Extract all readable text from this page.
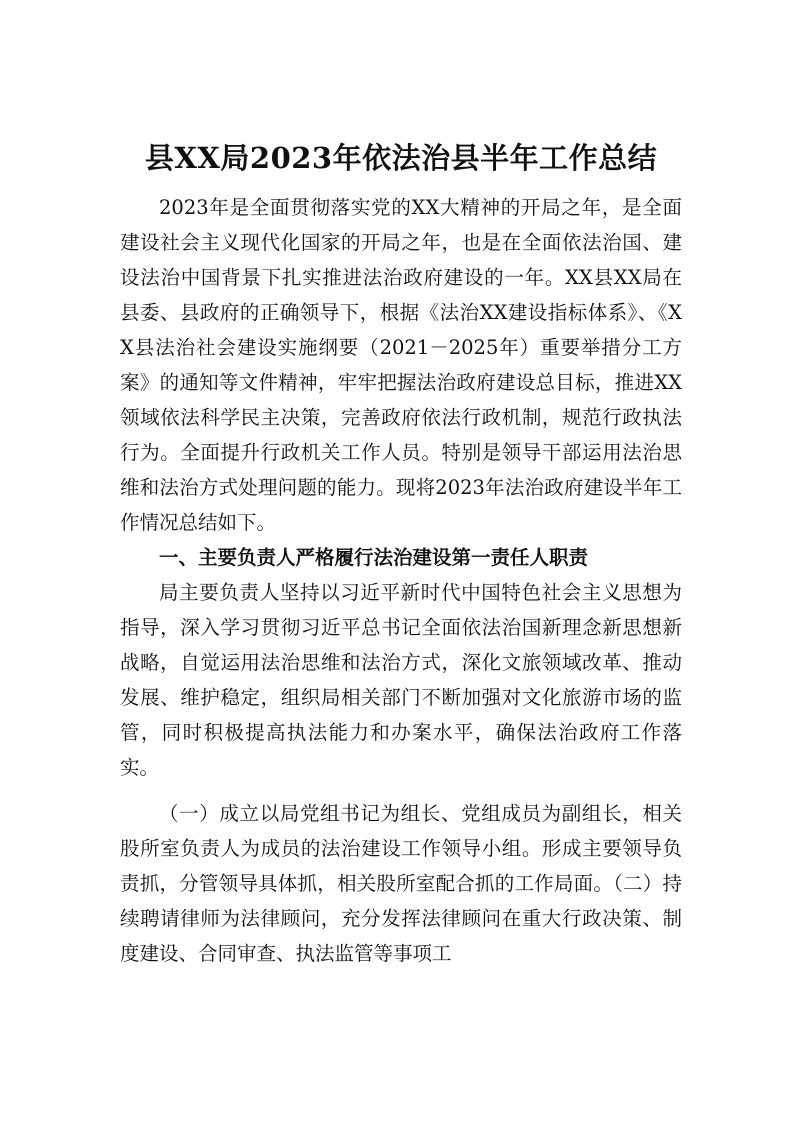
县XX局2023年依法治县半年工作总结

2023年是全面贯彻落实党的XX大精神的开局之年，是全面建设社会主义现代化国家的开局之年，也是在全面依法治国、建设法治中国背景下扎实推进法治政府建设的一年。XX县XX局在县委、县政府的正确领导下，根据《法治XX建设指标体系》、《XX县法治社会建设实施纲要（2021－2025年）重要举措分工方案》的通知等文件精神，牢牢把握法治政府建设总目标，推进XX领域依法科学民主决策，完善政府依法行政机制，规范行政执法行为。全面提升行政机关工作人员。特别是领导干部运用法治思维和法治方式处理问题的能力。现将2023年法治政府建设半年工作情况总结如下。

一、主要负责人严格履行法治建设第一责任人职责

局主要负责人坚持以习近平新时代中国特色社会主义思想为指导，深入学习贯彻习近平总书记全面依法治国新理念新思想新战略，自觉运用法治思维和法治方式，深化文旅领域改革、推动发展、维护稳定，组织局相关部门不断加强对文化旅游市场的监管，同时积极提高执法能力和办案水平，确保法治政府工作落实。

（一）成立以局党组书记为组长、党组成员为副组长，相关股所室负责人为成员的法治建设工作领导小组。形成主要领导负责抓，分管领导具体抓，相关股所室配合抓的工作局面。（二）持续聘请律师为法律顾问，充分发挥法律顾问在重大行政决策、制度建设、合同审查、执法监管等事项工
